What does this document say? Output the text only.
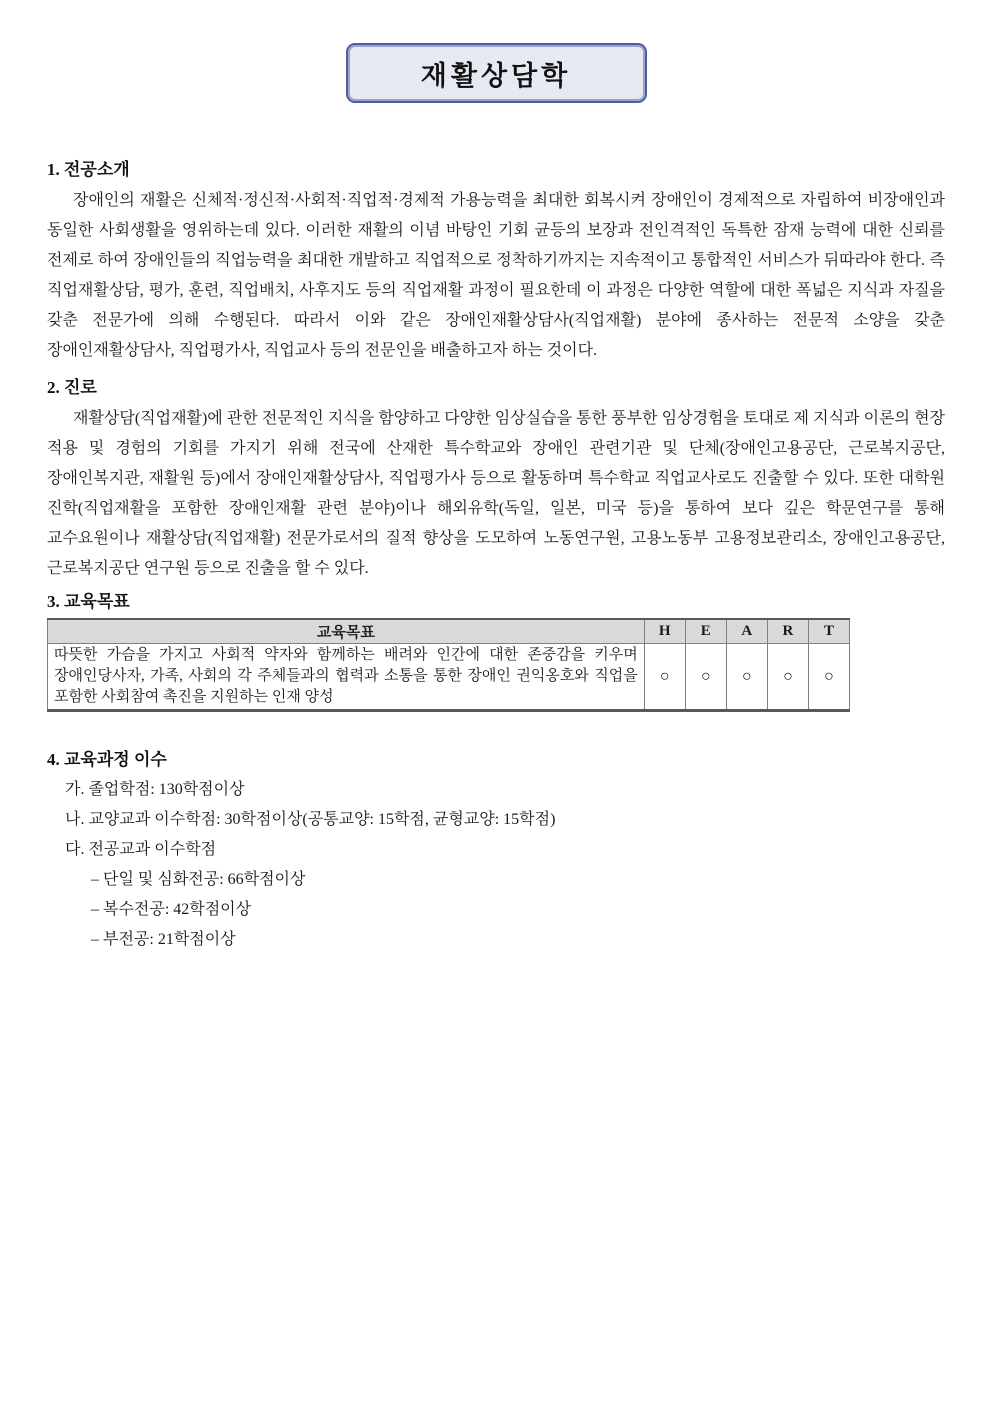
재활상담학
1. 전공소개

장애인의 재활은 신체적·정신적·사회적·직업적·경제적 가용능력을 최대한 회복시켜 장애인이 경제적으로 자립하여 비장애인과 동일한 사회생활을 영위하는데 있다. 이러한 재활의 이념 바탕인 기회 균등의 보장과 전인격적인 독특한 잠재 능력에 대한 신뢰를 전제로 하여 장애인들의 직업능력을 최대한 개발하고 직업적으로 정착하기까지는 지속적이고 통합적인 서비스가 뒤따라야 한다. 즉 직업재활상담, 평가, 훈련, 직업배치, 사후지도 등의 직업재활 과정이 필요한데 이 과정은 다양한 역할에 대한 폭넓은 지식과 자질을 갖춘 전문가에 의해 수행된다. 따라서 이와 같은 장애인재활상담사(직업재활) 분야에 종사하는 전문적 소양을 갖춘 장애인재활상담사, 직업평가사, 직업교사 등의 전문인을 배출하고자 하는 것이다.

2. 진로

재활상담(직업재활)에 관한 전문적인 지식을 함양하고 다양한 임상실습을 통한 풍부한 임상경험을 토대로 제 지식과 이론의 현장 적용 및 경험의 기회를 가지기 위해 전국에 산재한 특수학교와 장애인 관련기관 및 단체(장애인고용공단, 근로복지공단, 장애인복지관, 재활원 등)에서 장애인재활상담사, 직업평가사 등으로 활동하며 특수학교 직업교사로도 진출할 수 있다. 또한 대학원 진학(직업재활을 포함한 장애인재활 관련 분야)이나 해외유학(독일, 일본, 미국 등)을 통하여 보다 깊은 학문연구를 통해 교수요원이나 재활상담(직업재활) 전문가로서의 질적 향상을 도모하여 노동연구원, 고용노동부 고용정보관리소, 장애인고용공단, 근로복지공단 연구원 등으로 진출을 할 수 있다.

3. 교육목표
교육목표	H	E	A	R	T
따뜻한 가슴을 가지고 사회적 약자와 함께하는 배려와 인간에 대한 존중감을 키우며 장애인당사자, 가족, 사회의 각 주체들과의 협력과 소통을 통한 장애인 권익옹호와 직업을 포함한 사회참여 촉진을 지원하는 인재 양성	○	○	○	○	○
4. 교육과정 이수
가. 졸업학점: 130학점이상
나. 교양교과 이수학점: 30학점이상(공통교양: 15학점, 균형교양: 15학점)
다. 전공교과 이수학점
– 단일 및 심화전공: 66학점이상
– 복수전공: 42학점이상
– 부전공: 21학점이상
